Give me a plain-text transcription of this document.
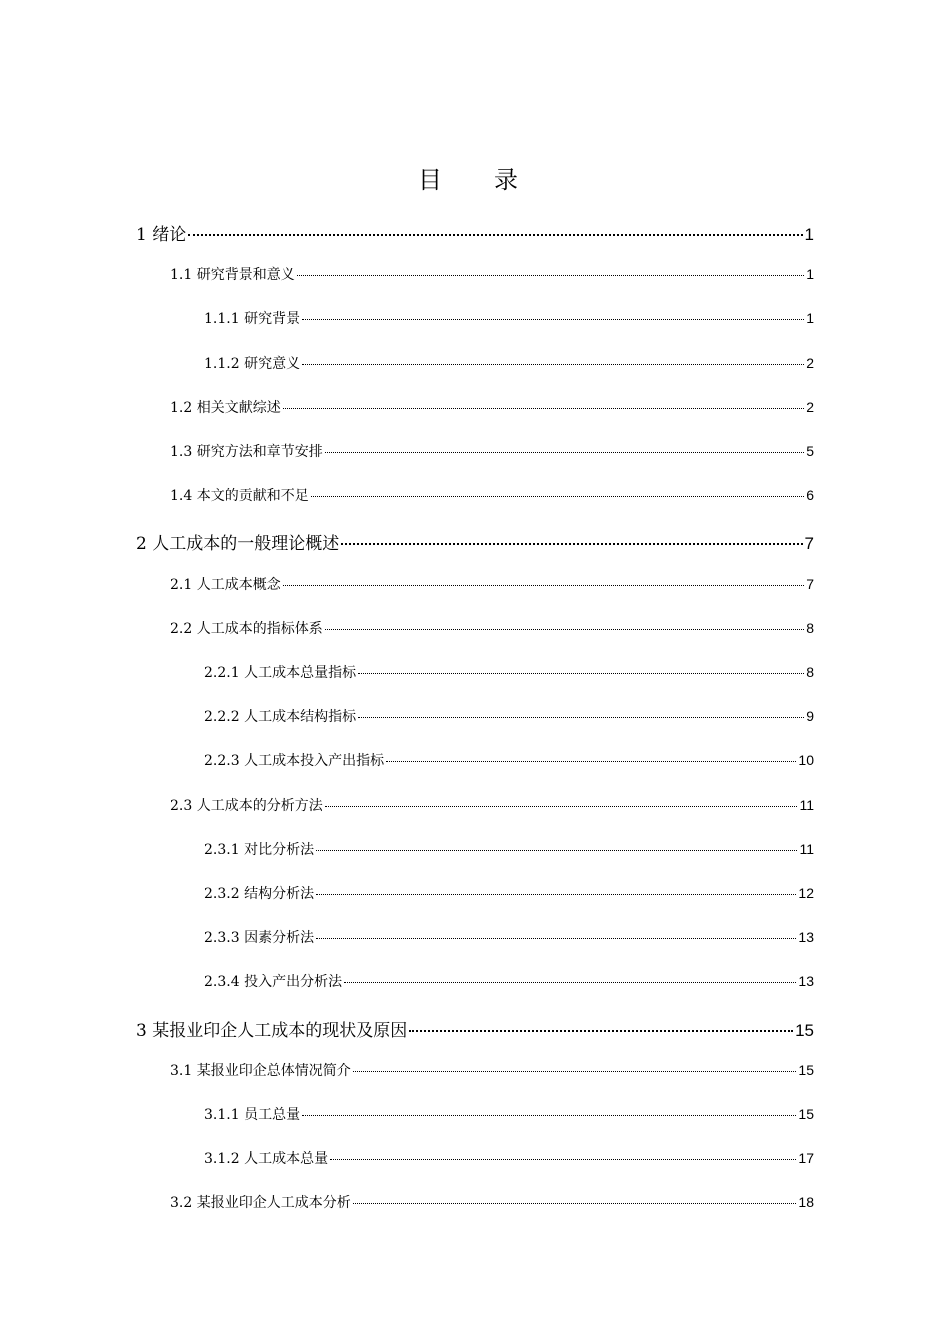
目　录
1 绪论	1
1.1 研究背景和意义	1
1.1.1 研究背景	1
1.1.2 研究意义	2
1.2 相关文献综述	2
1.3 研究方法和章节安排	5
1.4 本文的贡献和不足	6
2 人工成本的一般理论概述	7
2.1 人工成本概念	7
2.2 人工成本的指标体系	8
2.2.1 人工成本总量指标	8
2.2.2 人工成本结构指标	9
2.2.3 人工成本投入产出指标	10
2.3 人工成本的分析方法	11
2.3.1 对比分析法	11
2.3.2 结构分析法	12
2.3.3 因素分析法	13
2.3.4 投入产出分析法	13
3 某报业印企人工成本的现状及原因	15
3.1 某报业印企总体情况简介	15
3.1.1 员工总量	15
3.1.2 人工成本总量	17
3.2 某报业印企人工成本分析	18
